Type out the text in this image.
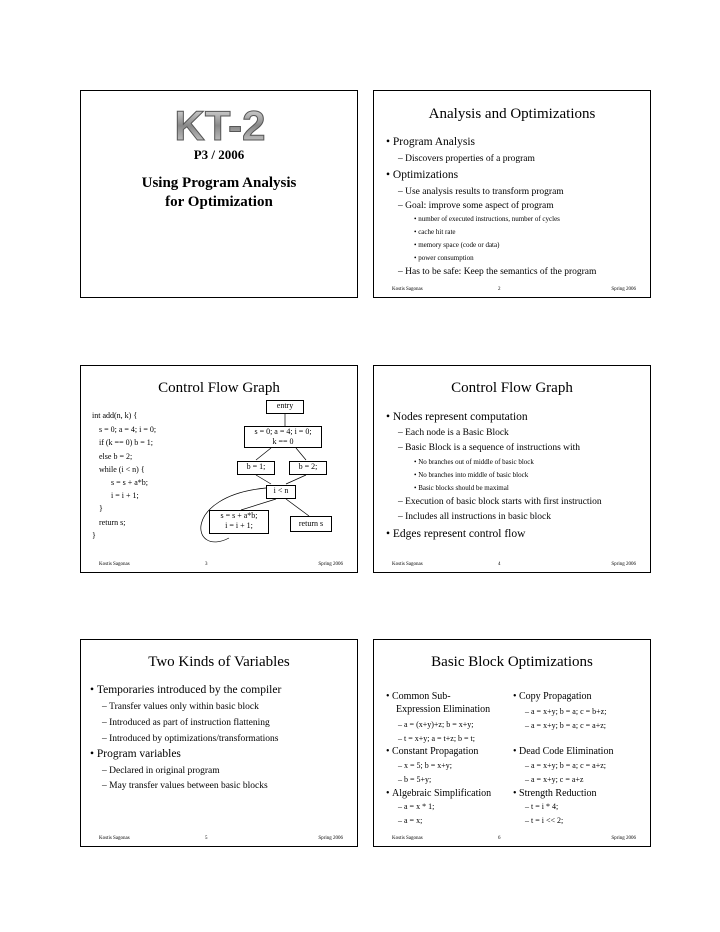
KT-2
P3 / 2006
Using Program Analysis
for Optimization
Analysis and Optimizations
• Program Analysis
– Discovers properties of a program
• Optimizations
– Use analysis results to transform program
– Goal: improve some aspect of program
• number of executed instructions, number of cycles
• cache hit rate
• memory space (code or data)
• power consumption
– Has to be safe: Keep the semantics of the program
Kostis Sagonas	2	Spring 2006
Control Flow Graph
int add(n, k) {
s = 0; a = 4; i = 0;
if (k == 0) b = 1;
else b = 2;
while (i < n) {
s = s + a*b;
i = i + 1;
}
return s;
}
entry
s = 0; a = 4; i = 0;
k == 0
b = 1;	b = 2;
i < n
s = s + a*b;
i = i + 1;	return s
Kostis Sagonas	3	Spring 2006
Control Flow Graph
• Nodes represent computation
– Each node is a Basic Block
– Basic Block is a sequence of instructions with
• No branches out of middle of basic block
• No branches into middle of basic block
• Basic blocks should be maximal
– Execution of basic block starts with first instruction
– Includes all instructions in basic block
• Edges represent control flow
Kostis Sagonas	4	Spring 2006
Two Kinds of Variables
• Temporaries introduced by the compiler
– Transfer values only within basic block
– Introduced as part of instruction flattening
– Introduced by optimizations/transformations
• Program variables
– Declared in original program
– May transfer values between basic blocks
Kostis Sagonas	5	Spring 2006
Basic Block Optimizations
• Common Sub-
Expression Elimination
– a = (x+y)+z; b = x+y;
– t = x+y; a = t+z; b = t;
• Constant Propagation
– x = 5; b = x+y;
– b = 5+y;
• Algebraic Simplification
– a = x * 1;
– a = x;
• Copy Propagation
– a = x+y; b = a; c = b+z;
– a = x+y; b = a; c = a+z;
• Dead Code Elimination
– a = x+y; b = a; c = a+z;
– a = x+y; c = a+z
• Strength Reduction
– t = i * 4;
– t = i << 2;
Kostis Sagonas	6	Spring 2006
